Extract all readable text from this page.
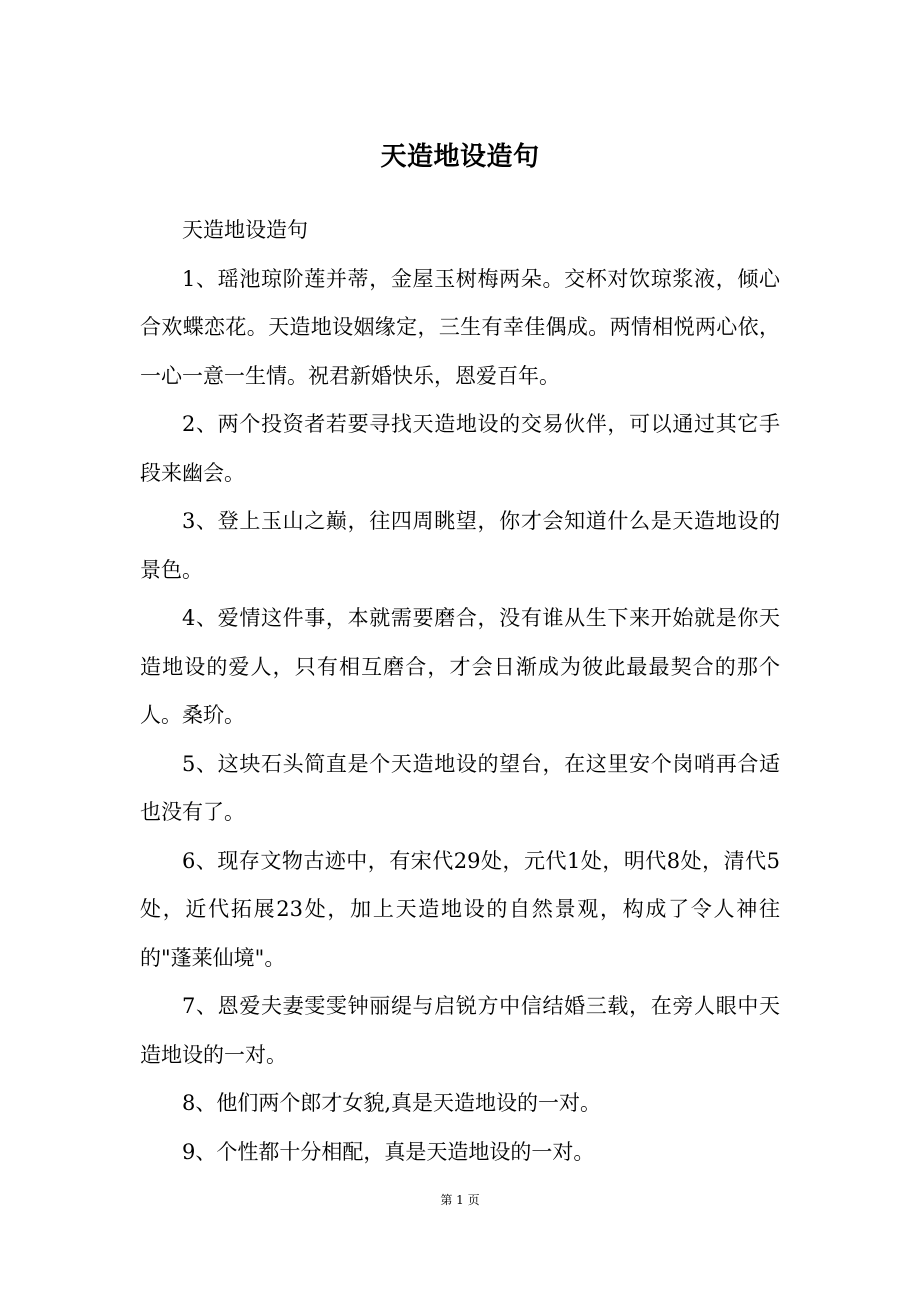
天造地设造句

天造地设造句

1、瑶池琼阶莲并蒂，金屋玉树梅两朵。交杯对饮琼浆液，倾心合欢蝶恋花。天造地设姻缘定，三生有幸佳偶成。两情相悦两心依，一心一意一生情。祝君新婚快乐，恩爱百年。

2、两个投资者若要寻找天造地设的交易伙伴，可以通过其它手段来幽会。

3、登上玉山之巅，往四周眺望，你才会知道什么是天造地设的景色。

4、爱情这件事，本就需要磨合，没有谁从生下来开始就是你天造地设的爱人，只有相互磨合，才会日渐成为彼此最最契合的那个人。桑玠。

5、这块石头简直是个天造地设的望台，在这里安个岗哨再合适也没有了。

6、现存文物古迹中，有宋代29处，元代1处，明代8处，清代5处，近代拓展23处，加上天造地设的自然景观，构成了令人神往的"蓬莱仙境"。

7、恩爱夫妻雯雯钟丽缇与启锐方中信结婚三载，在旁人眼中天造地设的一对。

8、他们两个郎才女貌,真是天造地设的一对。

9、个性都十分相配，真是天造地设的一对。

第 1 页
